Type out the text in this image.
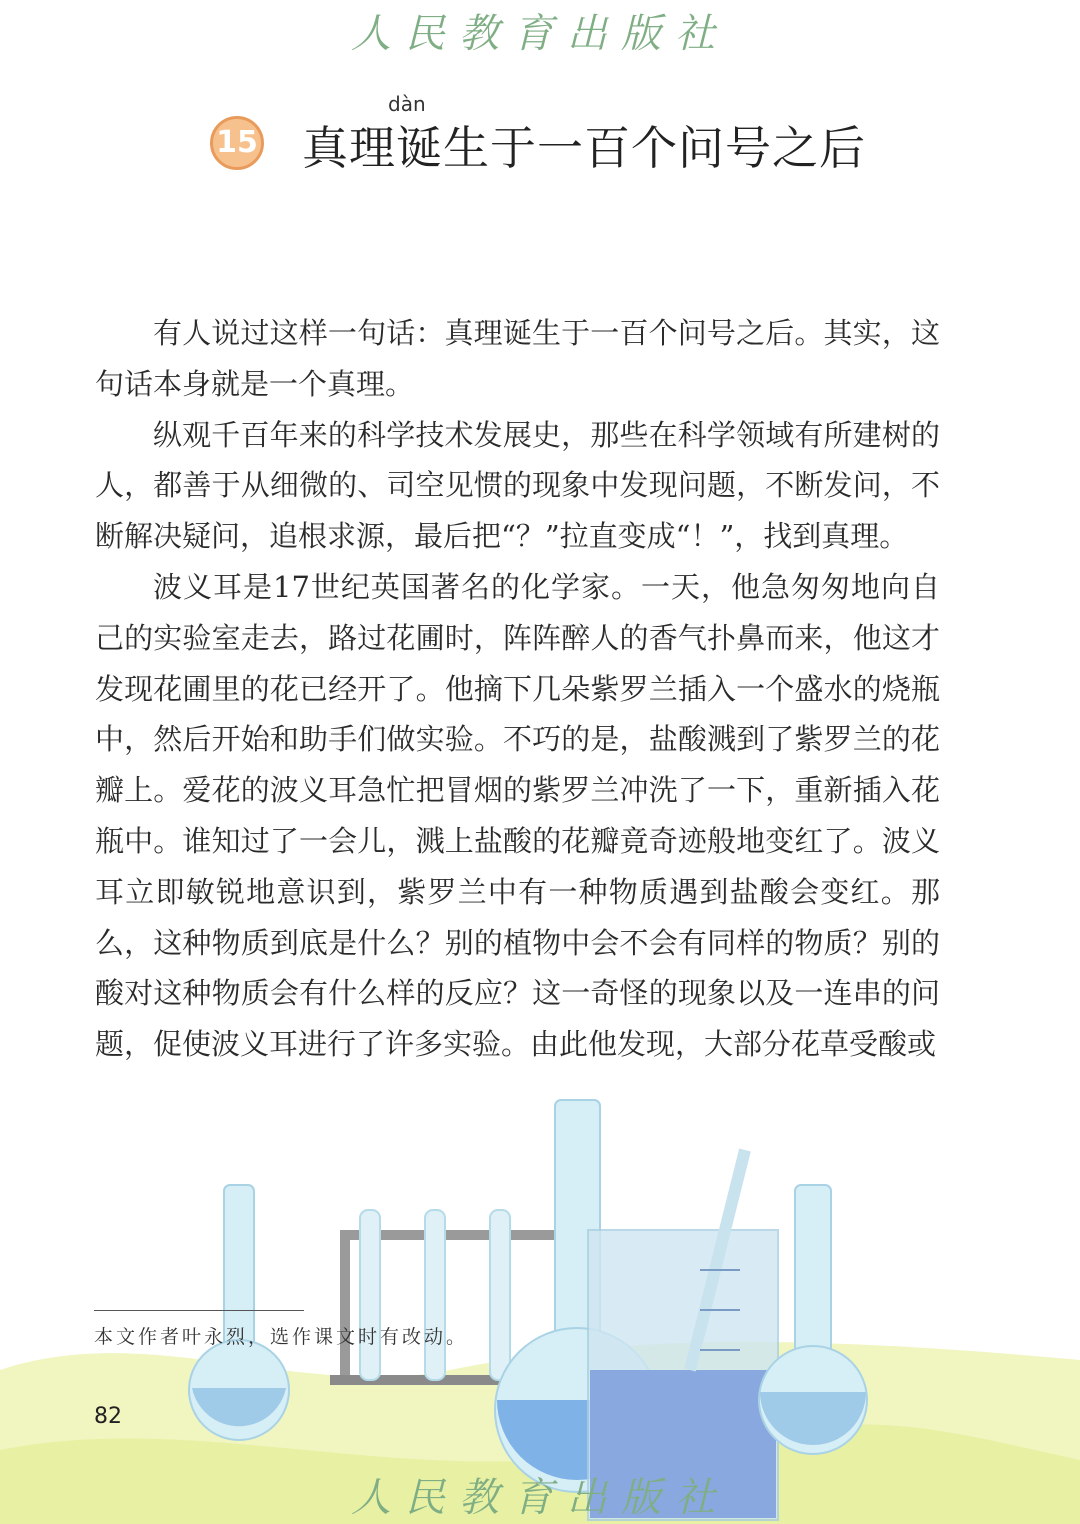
人民教育出版社
15
dàn
真理诞生于一百个问号之后

有人说过这样一句话：真理诞生于一百个问号之后。其实，这句话本身就是一个真理。

纵观千百年来的科学技术发展史，那些在科学领域有所建树的人，都善于从细微的、司空见惯的现象中发现问题，不断发问，不断解决疑问，追根求源，最后把“？”拉直变成“！”，找到真理。

波义耳是17世纪英国著名的化学家。一天，他急匆匆地向自己的实验室走去，路过花圃时，阵阵醉人的香气扑鼻而来，他这才发现花圃里的花已经开了。他摘下几朵紫罗兰插入一个盛水的烧瓶中，然后开始和助手们做实验。不巧的是，盐酸溅到了紫罗兰的花瓣上。爱花的波义耳急忙把冒烟的紫罗兰冲洗了一下，重新插入花瓶中。谁知过了一会儿，溅上盐酸的花瓣竟奇迹般地变红了。波义耳立即敏锐地意识到，紫罗兰中有一种物质遇到盐酸会变红。那么，这种物质到底是什么？别的植物中会不会有同样的物质？别的酸对这种物质会有什么样的反应？这一奇怪的现象以及一连串的问题，促使波义耳进行了许多实验。由此他发现，大部分花草受酸或

本文作者叶永烈，选作课文时有改动。
82
人民教育出版社
